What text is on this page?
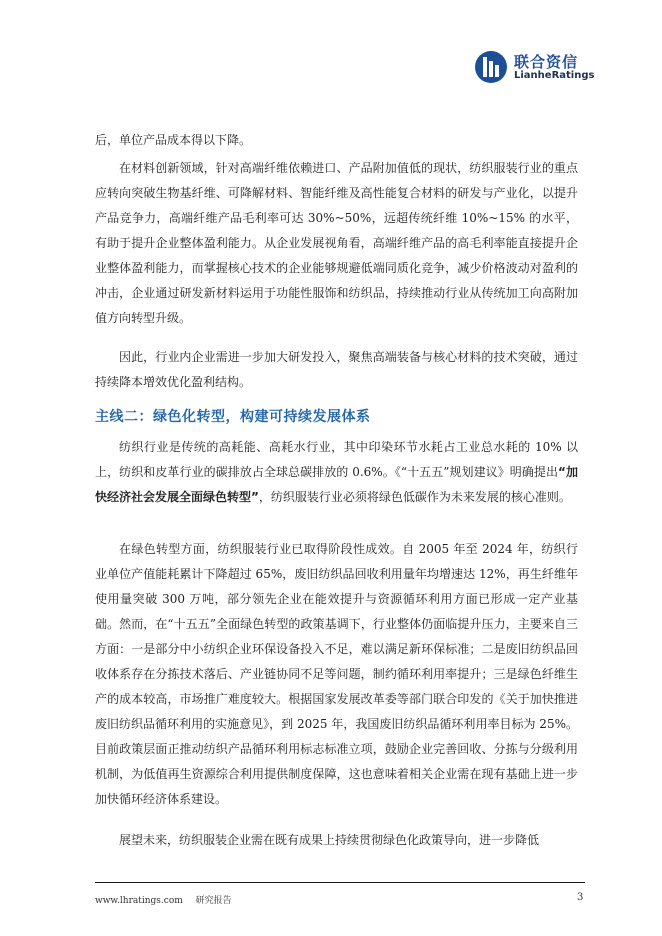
联合资信
LianheRatings

后，单位产品成本得以下降。

在材料创新领域，针对高端纤维依赖进口、产品附加值低的现状，纺织服装行业的重点应转向突破生物基纤维、可降解材料、智能纤维及高性能复合材料的研发与产业化，以提升产品竞争力，高端纤维产品毛利率可达 30%~50%，远超传统纤维 10%~15% 的水平，有助于提升企业整体盈利能力。从企业发展视角看，高端纤维产品的高毛利率能直接提升企业整体盈利能力，而掌握核心技术的企业能够规避低端同质化竞争，减少价格波动对盈利的冲击，企业通过研发新材料运用于功能性服饰和纺织品，持续推动行业从传统加工向高附加值方向转型升级。

因此，行业内企业需进一步加大研发投入，聚焦高端装备与核心材料的技术突破，通过持续降本增效优化盈利结构。

主线二：绿色化转型，构建可持续发展体系

纺织行业是传统的高耗能、高耗水行业，其中印染环节水耗占工业总水耗的 10% 以上，纺织和皮革行业的碳排放占全球总碳排放的 0.6%。《“十五五”规划建议》明确提出“加快经济社会发展全面绿色转型”，纺织服装行业必须将绿色低碳作为未来发展的核心准则。

在绿色转型方面，纺织服装行业已取得阶段性成效。自 2005 年至 2024 年，纺织行业单位产值能耗累计下降超过 65%，废旧纺织品回收利用量年均增速达 12%，再生纤维年使用量突破 300 万吨，部分领先企业在能效提升与资源循环利用方面已形成一定产业基础。然而，在“十五五”全面绿色转型的政策基调下，行业整体仍面临提升压力，主要来自三方面：一是部分中小纺织企业环保设备投入不足，难以满足新环保标准；二是废旧纺织品回收体系存在分拣技术落后、产业链协同不足等问题，制约循环利用率提升；三是绿色纤维生产的成本较高，市场推广难度较大。根据国家发展改革委等部门联合印发的《关于加快推进废旧纺织品循环利用的实施意见》，到 2025 年，我国废旧纺织品循环利用率目标为 25%。目前政策层面正推动纺织产品循环利用标志标准立项，鼓励企业完善回收、分拣与分级利用机制，为低值再生资源综合利用提供制度保障，这也意味着相关企业需在现有基础上进一步加快循环经济体系建设。

展望未来，纺织服装企业需在既有成果上持续贯彻绿色化政策导向，进一步降低

www.lhratings.com 研究报告	3
